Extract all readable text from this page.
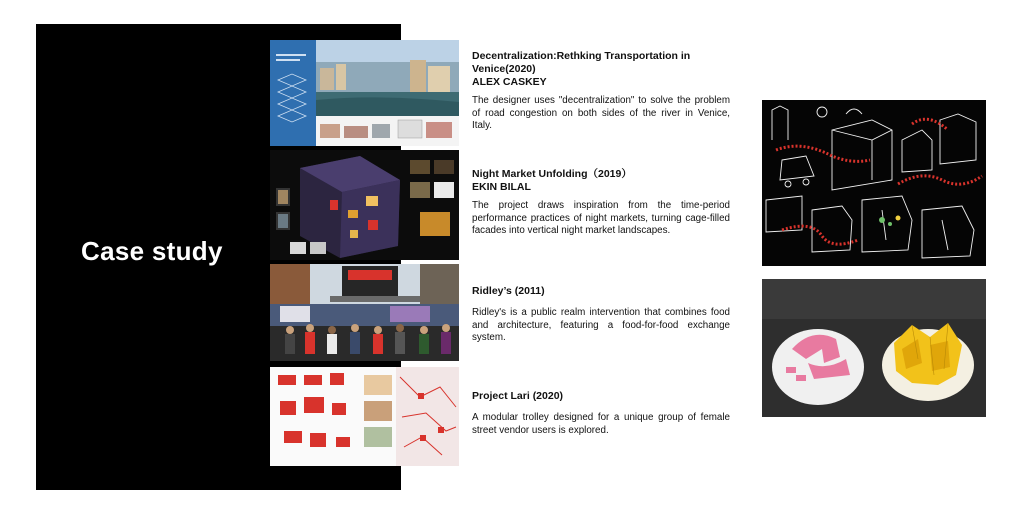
Case study

Decentralization:Rethking Transportation in Venice(2020)

ALEX CASKEY

The designer uses "decentralization" to solve the problem of road congestion on both sides of the river in Venice, Italy.

Night Market Unfolding（2019）

EKIN BILAL

The project draws inspiration from the time-period performance practices of night markets, turning cage-filled facades into vertical night market landscapes.

Ridley’s (2011)

Ridley's is a public realm intervention that combines food and architecture, featuring a food-for-food exchange system.

Project Lari (2020)

A modular trolley designed for a unique group of female street vendor users is explored.
